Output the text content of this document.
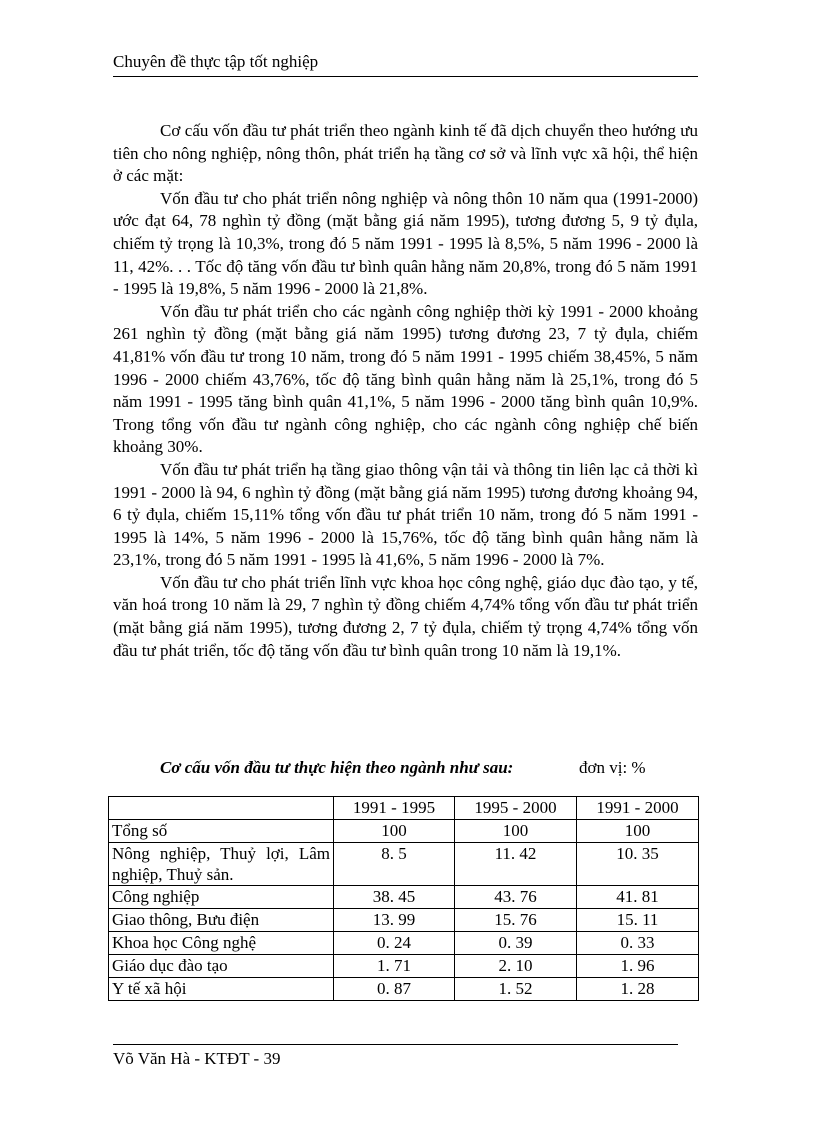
Chuyên đề thực tập tốt nghiệp

Cơ cấu vốn đầu tư phát triển theo ngành kinh tế đã dịch chuyển theo hướng ưu tiên cho nông nghiệp, nông thôn, phát triển hạ tầng cơ sở và lĩnh vực xã hội, thể hiện ở các mặt:

Vốn đầu tư cho phát triển nông nghiệp và nông thôn 10 năm qua (1991-2000) ước đạt 64, 78 nghìn tỷ đồng (mặt bằng giá năm 1995), tương đương 5, 9 tỷ đụla, chiếm tỷ trọng là 10,3%, trong đó 5 năm 1991 - 1995 là 8,5%, 5 năm 1996 - 2000 là 11, 42%. . . Tốc độ tăng vốn đầu tư bình quân hằng năm 20,8%, trong đó 5 năm 1991 - 1995 là 19,8%, 5 năm 1996 - 2000 là 21,8%.

Vốn đầu tư phát triển cho các ngành công nghiệp thời kỳ 1991 - 2000 khoảng 261 nghìn tỷ đồng (mặt bằng giá năm 1995) tương đương 23, 7 tỷ đụla, chiếm 41,81% vốn đầu tư trong 10 năm, trong đó 5 năm 1991 - 1995 chiếm 38,45%, 5 năm 1996 - 2000 chiếm 43,76%, tốc độ tăng bình quân hằng năm là 25,1%, trong đó 5 năm 1991 - 1995 tăng bình quân 41,1%, 5 năm 1996 - 2000 tăng bình quân 10,9%. Trong tổng vốn đầu tư ngành công nghiệp, cho các ngành công nghiệp chế biến khoảng 30%.

Vốn đầu tư phát triển hạ tầng giao thông vận tải và thông tin liên lạc cả thời kì 1991 - 2000 là 94, 6 nghìn tỷ đồng (mặt bằng giá năm 1995) tương đương khoảng 94, 6 tỷ đụla, chiếm 15,11% tổng vốn đầu tư phát triển 10 năm, trong đó 5 năm 1991 - 1995 là 14%, 5 năm 1996 - 2000 là 15,76%, tốc độ tăng bình quân hằng năm là 23,1%, trong đó 5 năm 1991 - 1995 là 41,6%, 5 năm 1996 - 2000 là 7%.

Vốn đầu tư cho phát triển lĩnh vực khoa học công nghệ, giáo dục đào tạo, y tế, văn hoá trong 10 năm là 29, 7 nghìn tỷ đồng chiếm 4,74% tổng vốn đầu tư phát triển (mặt bằng giá năm 1995), tương đương 2, 7 tỷ đụla, chiếm tỷ trọng 4,74% tổng vốn đầu tư phát triển, tốc độ tăng vốn đầu tư bình quân trong 10 năm là 19,1%.

Cơ cấu vốn đầu tư thực hiện theo ngành như sau:	đơn vị: %
	1991 - 1995	1995 - 2000	1991 - 2000
Tổng số	100	100	100
Nông nghiệp, Thuỷ lợi, Lâm nghiệp, Thuỷ sản.	8. 5	11. 42	10. 35
Công nghiệp	38. 45	43. 76	41. 81
Giao thông, Bưu điện	13. 99	15. 76	15. 11
Khoa học Công nghệ	0. 24	0. 39	0. 33
Giáo dục đào tạo	1. 71	2. 10	1. 96
Y tế xã hội	0. 87	1. 52	1. 28
Võ Văn Hà - KTĐT - 39
